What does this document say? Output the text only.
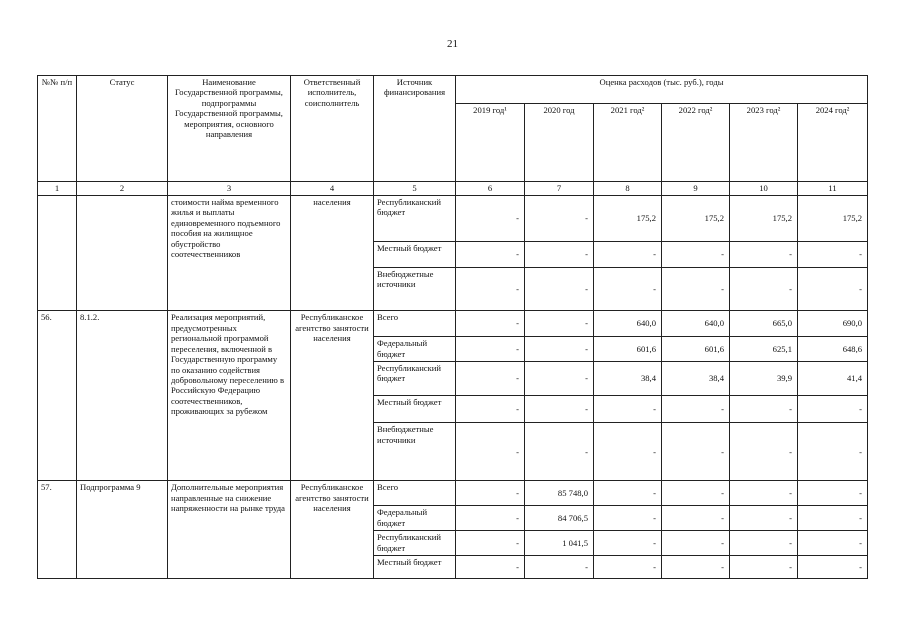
21
№№ п/п	Статус	Наименование Государственной программы, подпрограммы Государственной программы, мероприятия, основного направления	Ответственный исполнитель, соисполнитель	Источник финансирования	Оценка расходов (тыс. руб.), годы					
					2019 год¹	2020 год	2021 год²	2022 год²	2023 год²	2024 год²
1	2	3	4	5	6	7	8	9	10	11
		стоимости найма временного жилья и выплаты единовременного подъемного пособия на жилищное обустройство соотечественников	населения	Республиканский бюджет	-	-	175,2	175,2	175,2	175,2
				Местный бюджет	-	-	-	-	-	-
				Внебюджетные источники	-	-	-	-	-	-
56.	8.1.2.	Реализация мероприятий, предусмотренных региональной программой переселения, включенной в Государственную программу по оказанию содействия добровольному переселению в Российскую Федерацию соотечественников, проживающих за рубежом	Республиканское агентство занятости населения	Всего	-	-	640,0	640,0	665,0	690,0
				Федеральный бюджет	-	-	601,6	601,6	625,1	648,6
				Республиканский бюджет	-	-	38,4	38,4	39,9	41,4
				Местный бюджет	-	-	-	-	-	-
				Внебюджетные источники	-	-	-	-	-	-
57.	Подпрограмма 9	Дополнительные мероприятия направленные на снижение напряженности на рынке труда	Республиканское агентство занятости населения	Всего	-	85 748,0	-	-	-	-
				Федеральный бюджет	-	84 706,5	-	-	-	-
				Республиканский бюджет	-	1 041,5	-	-	-	-
				Местный бюджет	-	-	-	-	-	-
